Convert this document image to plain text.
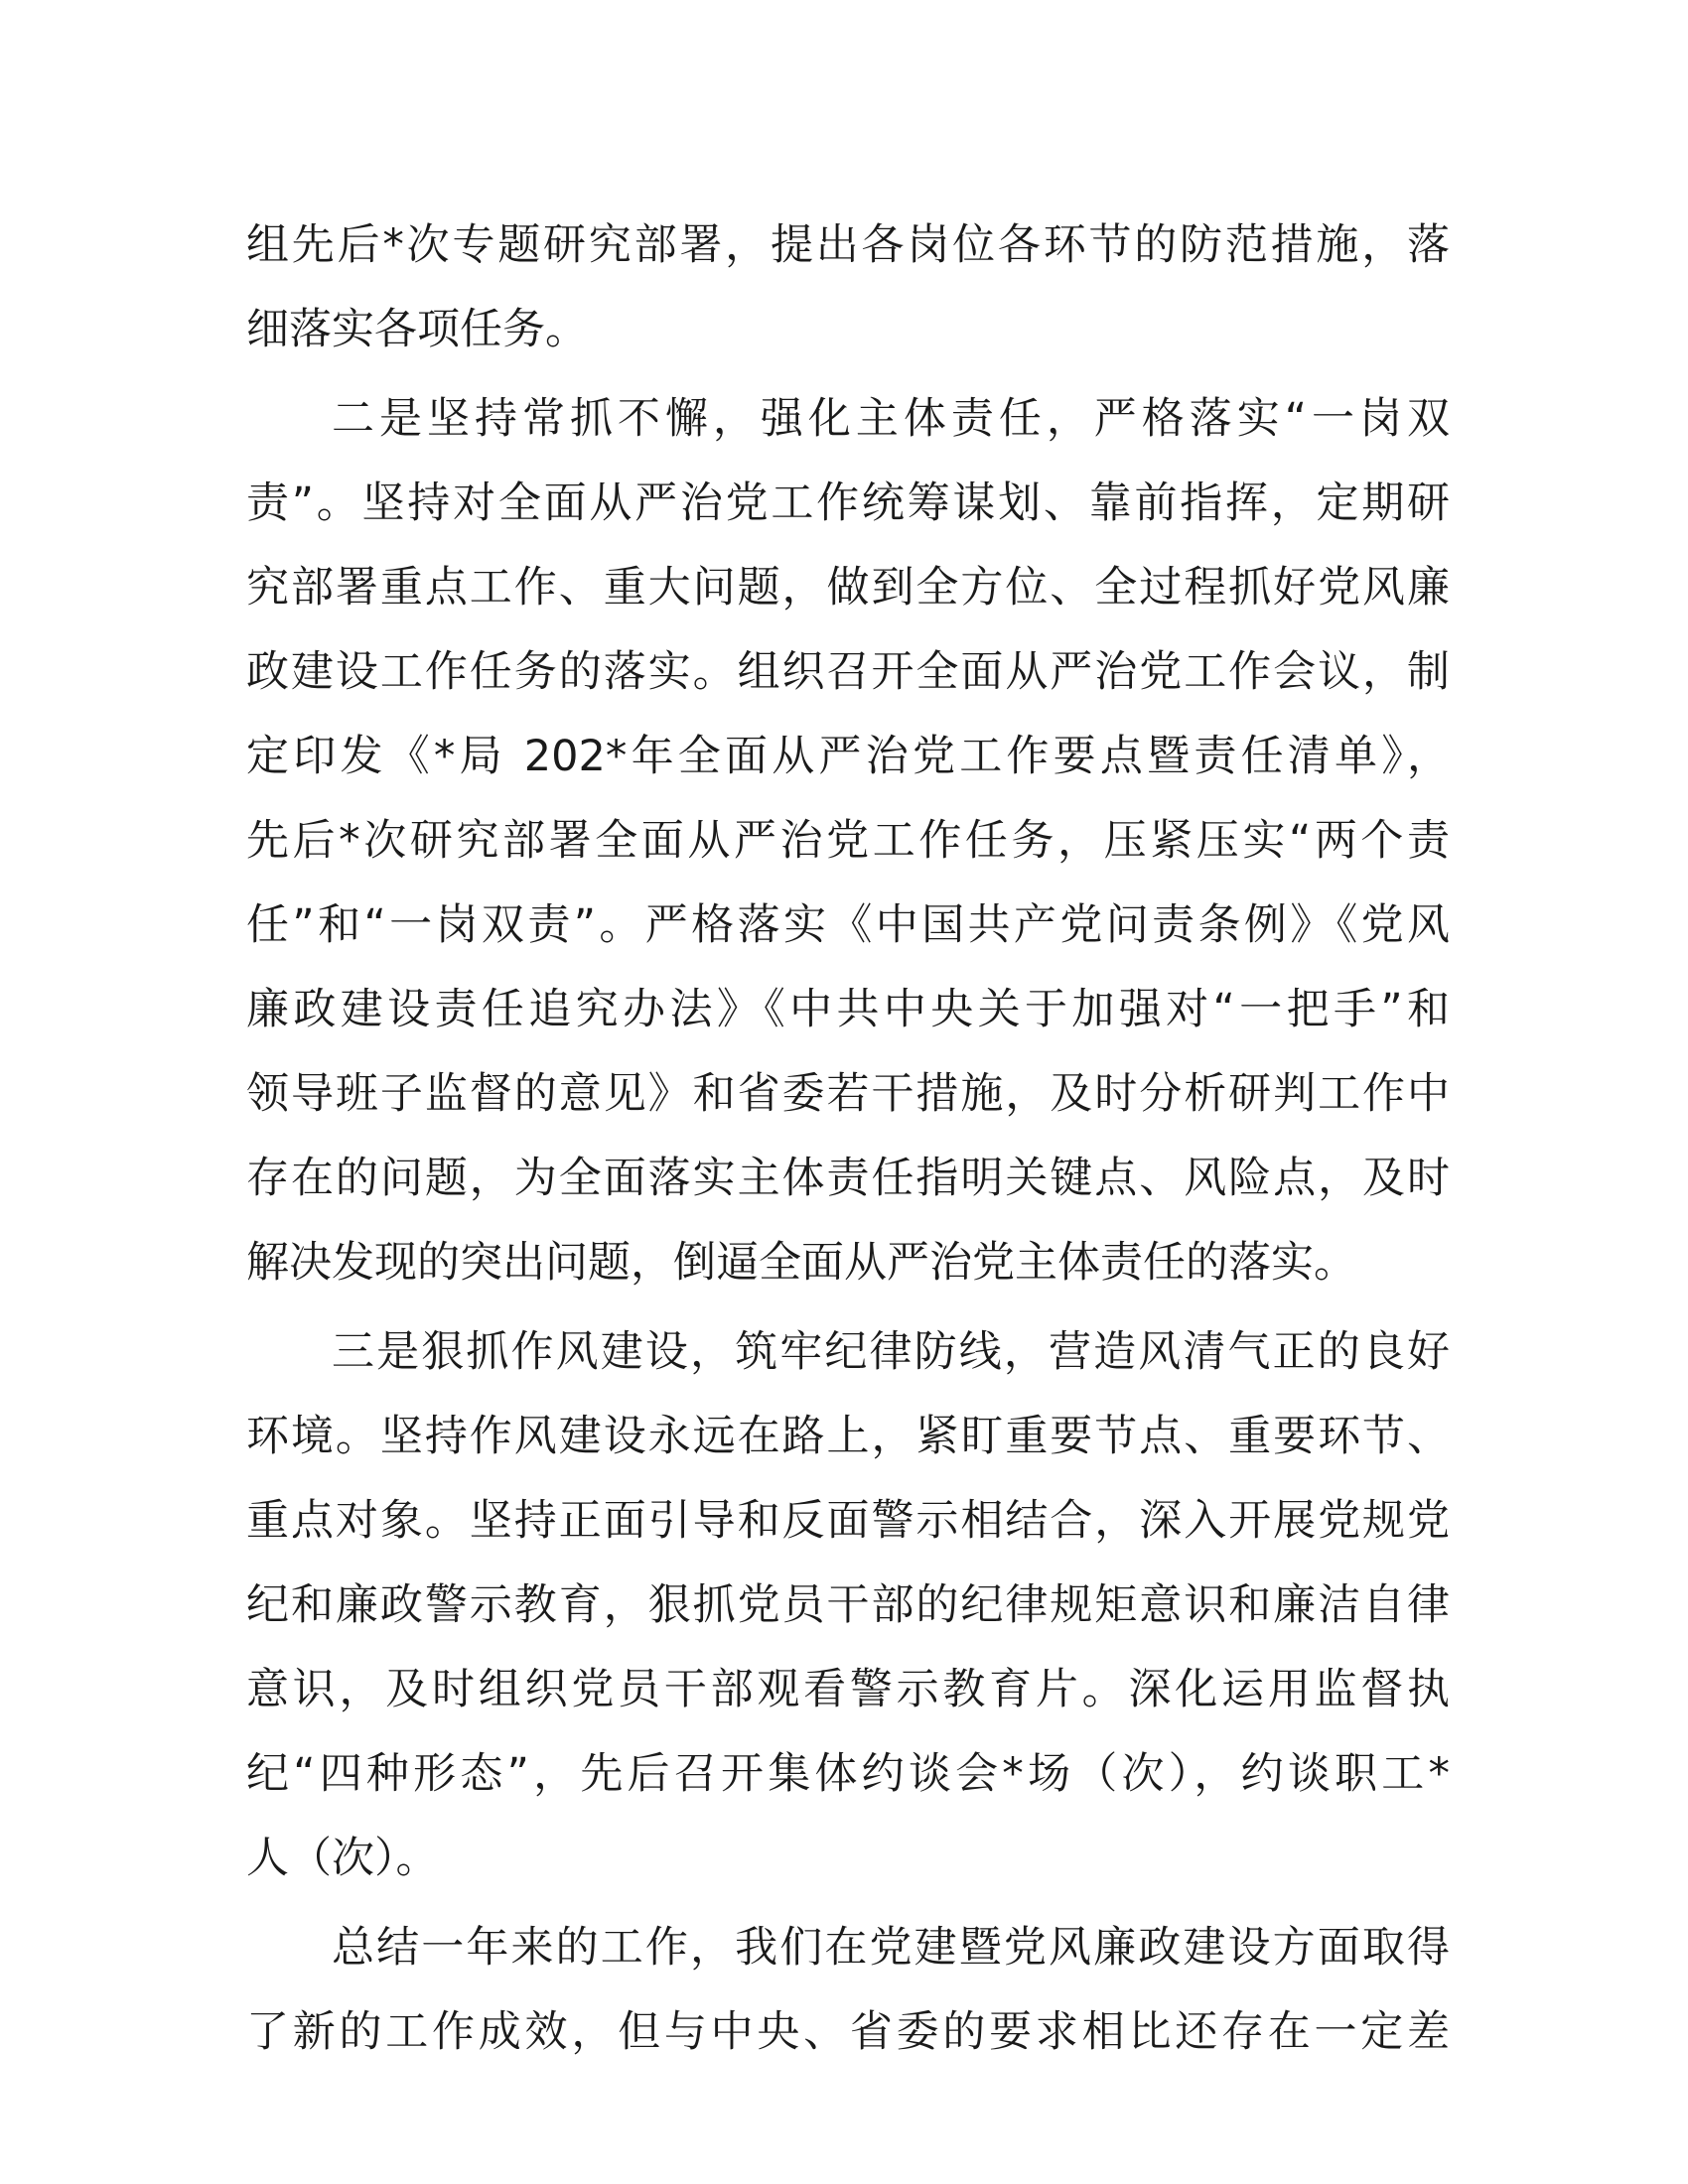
组先后*次专题研究部署，提出各岗位各环节的防范措施，落
细落实各项任务。
二是坚持常抓不懈，强化主体责任，严格落实“一岗双
责”。坚持对全面从严治党工作统筹谋划、靠前指挥，定期研
究部署重点工作、重大问题，做到全方位、全过程抓好党风廉
政建设工作任务的落实。组织召开全面从严治党工作会议，制
定印发《*局 202*年全面从严治党工作要点暨责任清单》，
先后*次研究部署全面从严治党工作任务，压紧压实“两个责
任”和“一岗双责”。严格落实《中国共产党问责条例》《党风
廉政建设责任追究办法》《中共中央关于加强对“一把手”和
领导班子监督的意见》和省委若干措施，及时分析研判工作中
存在的问题，为全面落实主体责任指明关键点、风险点，及时
解决发现的突出问题，倒逼全面从严治党主体责任的落实。
三是狠抓作风建设，筑牢纪律防线，营造风清气正的良好
环境。坚持作风建设永远在路上，紧盯重要节点、重要环节、
重点对象。坚持正面引导和反面警示相结合，深入开展党规党
纪和廉政警示教育，狠抓党员干部的纪律规矩意识和廉洁自律
意识，及时组织党员干部观看警示教育片。深化运用监督执
纪“四种形态”，先后召开集体约谈会*场（次），约谈职工*
人（次）。
总结一年来的工作，我们在党建暨党风廉政建设方面取得
了新的工作成效，但与中央、省委的要求相比还存在一定差
